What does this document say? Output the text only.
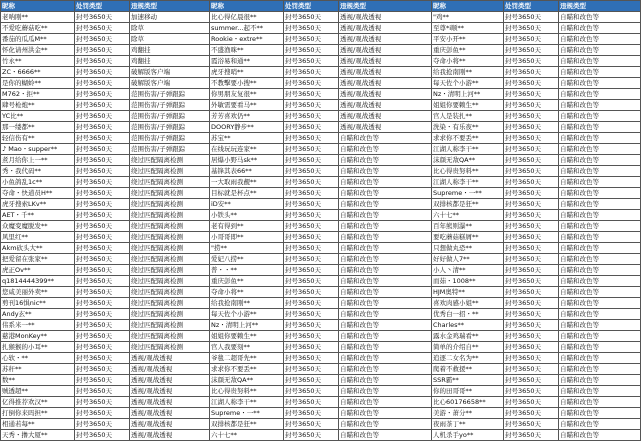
昵称	处罚类型	违规类型	昵称	处罚类型	违规类型	昵称	处罚类型	违规类型
老呐刚**	封号3650天	加速移动	比心得亿晨很**	封号3650天	透视/观战透视	"鸡**	封号3650天	自瞄和改色等
不爱吃蘑菇吃**	封号3650天	除草	summer...起不**	封号3650天	透视/观战透视	至尊*i顺**	封号3650天	自瞄和改色等
番茄的瓜瓜M**	封号3650天	除草	Rookie・extre**	封号3650天	透视/观战透视	平安小开**	封号3650天	自瞄和改色等
怀化请州洪金**	封号3650天	鸡翻挂	不盛渔咪**	封号3650天	透视/观战透视	重庆彭鱼**	封号3650天	自瞄和改色等
竹永**	封号3650天	鸡翻挂	霞浴易和通**	封号3650天	透视/观战透视	夺命小将**	封号3650天	自瞄和改色等
ZC・6666**	封号3650天	破解版客户端	虎牙搜哨**	封号3650天	透视/观战透视	给我抢南刚**	封号3650天	自瞄和改色等
是你的蝴蛉**	封号3650天	破解版客户端	不教擊要小搜**	封号3650天	透视/观战透视	每天佐个小游**	封号3650天	自瞄和改色等
M762・拒**	封号3650天	范围伤害/子弹跟踪	你男朋友复很**	封号3650天	透视/观战透视	Nz・清明上河**	封号3650天	自瞄和改色等
肆号枪炮**	封号3650天	范围伤害/子弹跟踪	外敏需要看马**	封号3650天	透视/观战透视	姐姐你要赖生**	封号3650天	自瞄和改色等
YC比**	封号3650天	范围伤害/子弹跟踪	芳芳喜欢仍**	封号3650天	透视/观战透视	官人是装扎**	封号3650天	自瞄和改色等
那一缕都**	封号3650天	范围伤害/子弹跟踪	DOORY静步**	封号3650天	透视/观战透视	洗染・有乐夜**	封号3650天	自瞄和改色等
轻信伤有**	封号3650天	范围伤害/子弹跟踪	苏宝**	封号3650天	自瞄和改色等	求求你不要丢**	封号3650天	自瞄和改色等
♪ Mao・supper**	封号3650天	范围伤害/子弹跟踪	在线玩玩连家**	封号3650天	自瞄和改色等	江湖人称李干**	封号3650天	自瞄和改色等
煮月给你上一**	封号3650天	绕过匹配隔离检测	居爆小野马sk**	封号3650天	自瞄和改色等	沫颜无敌QA**	封号3650天	自瞄和改色等
秀・我代码**	封号3650天	绕过匹配隔离检测	基锋其表66**	封号3650天	自瞄和改色等	比心得贵努料**	封号3650天	自瞄和改色等
小鱼鸽乱1c**	封号3650天	绕过匹配隔离检测	一大取雨我靓**	封号3650天	自瞄和改色等	江湖人称李干**	封号3650天	自瞄和改色等
夺命・快道员H**	封号3650天	绕过匹配隔离检测	目标就是杯点**	封号3650天	自瞄和改色等	Supreme・一**	封号3650天	自瞄和改色等
虎牙搜索LKv**	封号3650天	绕过匹配隔离检测	iD安**	封号3650天	自瞄和改色等	双排核都是狂**	封号3650天	自瞄和改色等
AET・千**	封号3650天	绕过匹配隔离检测	小铁头**	封号3650天	自瞄和改色等	六十七**	封号3650天	自瞄和改色等
众魔变魔脱发**	封号3650天	绕过匹配隔离检测	老有得到**	封号3650天	自瞄和改色等	百年熊则瀑**	封号3650天	自瞄和改色等
风里红**	封号3650天	绕过匹配隔离检测	小哥哥即**	封号3650天	自瞄和改色等	要吃蘑菇糕屑**	封号3650天	自瞄和改色等
Akm砍头大**	封号3650天	绕过匹配隔离检测	"捞**	封号3650天	自瞄和改色等	只想做丸恐**	封号3650天	自瞄和改色等
把爱留在张家**	封号3650天	绕过匹配隔离检测	爱妃八捞**	封号3650天	自瞄和改色等	好好做人7**	封号3650天	自瞄和改色等
虎正Ov**	封号3650天	绕过匹配隔离检测	普・・**	封号3650天	自瞄和改色等	小人丶清**	封号3650天	自瞄和改色等
q1814444399**	封号3650天	绕过匹配隔离检测	重庆彭鱼**	封号3650天	自瞄和改色等	而茹・1008**	封号3650天	自瞄和改色等
您咸美丽外卖**	封号3650天	绕过匹配隔离检测	夺命小将**	封号3650天	自瞄和改色等	HJM奥特**	封号3650天	自瞄和改色等
剪刊16惧nic**	封号3650天	绕过匹配隔离检测	给我抢南刚**	封号3650天	自瞄和改色等	喜欢肉感小姐**	封号3650天	自瞄和改色等
Andy玄**	封号3650天	绕过匹配隔离检测	每天佐个小游**	封号3650天	自瞄和改色等	优秀白一招・**	封号3650天	自瞄和改色等
伟系米一**	封号3650天	绕过匹配隔离检测	Nz・清明上河**	封号3650天	自瞄和改色等	Charles**	封号3650天	自瞄和改色等
慈港MonKey**	封号3650天	绕过匹配隔离检测	姐姐你要赖生**	封号3650天	自瞄和改色等	露水金鸡瑞看**	封号3650天	自瞄和改色等
扎猴猴的小耳**	封号3650天	绕过匹配隔离检测	官人我要刻**	封号3650天	自瞄和改色等	简单的介绍自**	封号3650天	自瞄和改色等
心软・**	封号3650天	透视/观战透视	爷毯二超哥先**	封号3650天	自瞄和改色等	追逐二女名为**	封号3650天	自瞄和改色等
苏秆**	封号3650天	透视/观战透视	求求你不要丢**	封号3650天	自瞄和改色等	爬着不救援**	封号3650天	自瞄和改色等
数**	封号3650天	透视/观战透视	沫颜无敌QA**	封号3650天	自瞄和改色等	SSR霸**	封号3650天	自瞄和改色等
贼透超**	封号3650天	透视/观战透视	比心得贵努料**	封号3650天	自瞄和改色等	你的田哥哥**	封号3650天	自瞄和改色等
亿得推荐欢汉**	封号3650天	透视/观战透视	江湖人称李干**	封号3650天	自瞄和改色等	比心60176658**	封号3650天	自瞄和改色等
打倒你来吗担**	封号3650天	透视/观战透视	Supreme・一**	封号3650天	自瞄和改色等	美游・萧分**	封号3650天	自瞄和改色等
相通若每**	封号3650天	透视/观战透视	双排核都是狂**	封号3650天	自瞄和改色等	夜雨茶丁**	封号3650天	自瞄和改色等
天秀・撸大厦**	封号3650天	透视/观战透视	六十七**	封号3650天	自瞄和改色等	人机杀手yo**	封号3650天	自瞄和改色等
